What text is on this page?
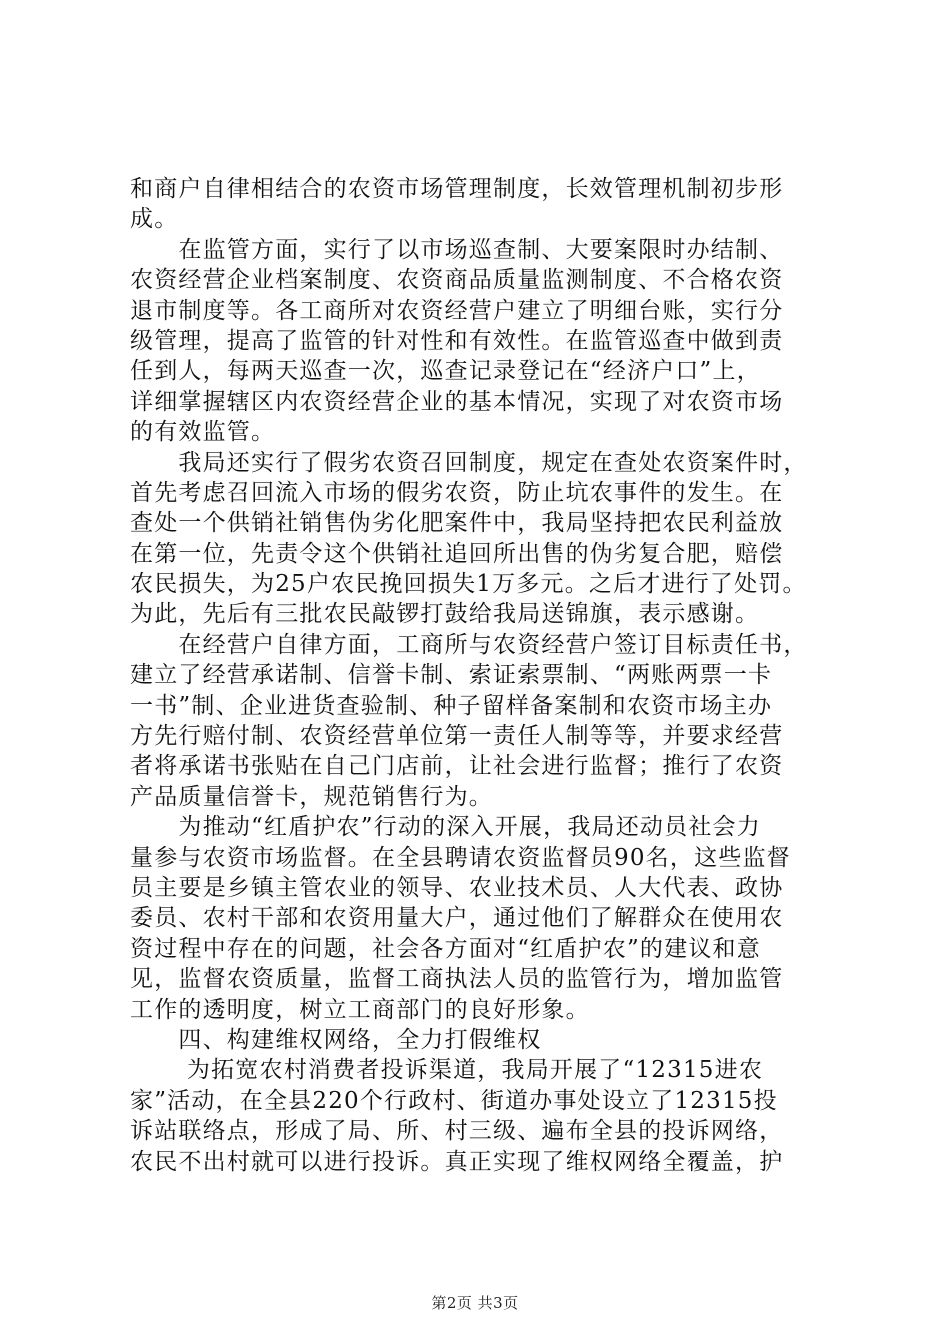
和商户自律相结合的农资市场管理制度，长效管理机制初步形
成。
　　在监管方面，实行了以市场巡查制、大要案限时办结制、
农资经营企业档案制度、农资商品质量监测制度、不合格农资
退市制度等。各工商所对农资经营户建立了明细台账，实行分
级管理，提高了监管的针对性和有效性。在监管巡查中做到责
任到人，每两天巡查一次，巡查记录登记在“经济户口”上，
详细掌握辖区内农资经营企业的基本情况，实现了对农资市场
的有效监管。
　　我局还实行了假劣农资召回制度，规定在查处农资案件时，
首先考虑召回流入市场的假劣农资，防止坑农事件的发生。在
查处一个供销社销售伪劣化肥案件中，我局坚持把农民利益放
在第一位，先责令这个供销社追回所出售的伪劣复合肥，赔偿
农民损失，为25户农民挽回损失1万多元。之后才进行了处罚。
为此，先后有三批农民敲锣打鼓给我局送锦旗，表示感谢。
　　在经营户自律方面，工商所与农资经营户签订目标责任书，
建立了经营承诺制、信誉卡制、索证索票制、“两账两票一卡
一书”制、企业进货查验制、种子留样备案制和农资市场主办
方先行赔付制、农资经营单位第一责任人制等等，并要求经营
者将承诺书张贴在自己门店前，让社会进行监督；推行了农资
产品质量信誉卡，规范销售行为。
　　为推动“红盾护农”行动的深入开展，我局还动员社会力
量参与农资市场监督。在全县聘请农资监督员90名，这些监督
员主要是乡镇主管农业的领导、农业技术员、人大代表、政协
委员、农村干部和农资用量大户，通过他们了解群众在使用农
资过程中存在的问题，社会各方面对“红盾护农”的建议和意
见，监督农资质量，监督工商执法人员的监管行为，增加监管
工作的透明度，树立工商部门的良好形象。
　　四、构建维权网络，全力打假维权
　　 为拓宽农村消费者投诉渠道，我局开展了“12315进农
家”活动，在全县220个行政村、街道办事处设立了12315投
诉站联络点，形成了局、所、村三级、遍布全县的投诉网络，
农民不出村就可以进行投诉。真正实现了维权网络全覆盖，护
第2页 共3页
